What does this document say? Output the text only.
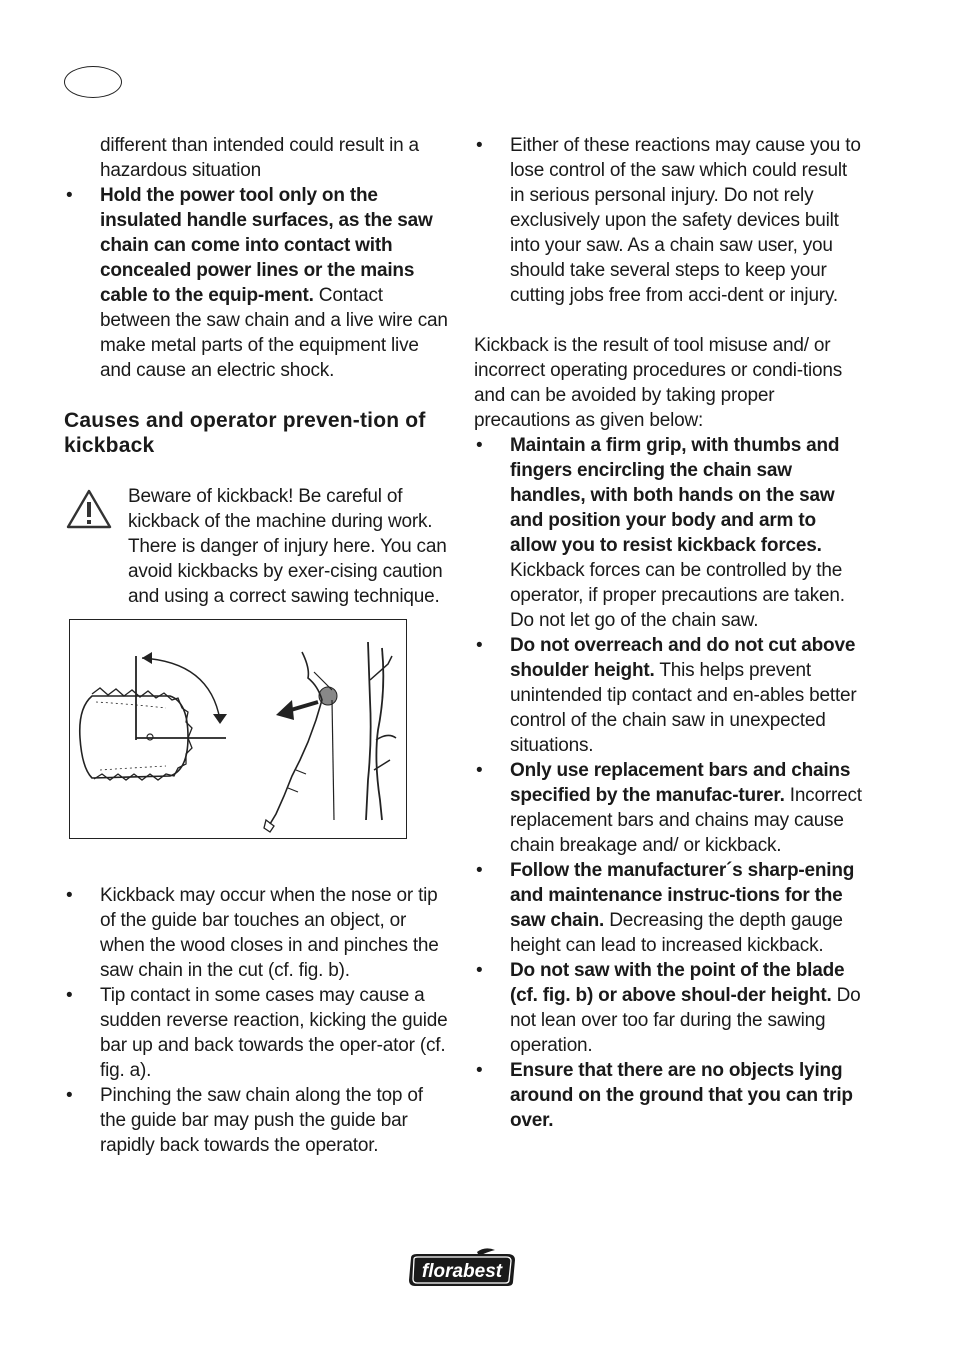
different than intended could result in a hazardous situation

• Hold the power tool only on the insulated handle surfaces, as the saw chain can come into contact with concealed power lines or the mains cable to the equip-ment. Contact between the saw chain and a live wire can make metal parts of the equipment live and cause an electric shock.

Causes and operator preven-tion of kickback

Beware of kickback! Be careful of kickback of the machine during work. There is danger of injury here. You can avoid kickbacks by exer-cising caution and using a correct sawing technique.

• Kickback may occur when the nose or tip of the guide bar touches an object, or when the wood closes in and pinches the saw chain in the cut (cf. fig. b).
• Tip contact in some cases may cause a sudden reverse reaction, kicking the guide bar up and back towards the oper-ator (cf. fig. a).
• Pinching the saw chain along the top of the guide bar may push the guide bar rapidly back towards the operator.
• Either of these reactions may cause you to lose control of the saw which could result in serious personal injury. Do not rely exclusively upon the safety devices built into your saw. As a chain saw user, you should take several steps to keep your cutting jobs free from acci-dent or injury.

Kickback is the result of tool misuse and/ or incorrect operating procedures or condi-tions and can be avoided by taking proper precautions as given below:

• Maintain a firm grip, with thumbs and fingers encircling the chain saw handles, with both hands on the saw and position your body and arm to allow you to resist kickback forces. Kickback forces can be controlled by the operator, if proper precautions are taken. Do not let go of the chain saw.
• Do not overreach and do not cut above shoulder height. This helps prevent unintended tip contact and en-ables better control of the chain saw in unexpected situations.
• Only use replacement bars and chains specified by the manufac-turer. Incorrect replacement bars and chains may cause chain breakage and/ or kickback.
• Follow the manufacturer´s sharp-ening and maintenance instruc-tions for the saw chain. Decreasing the depth gauge height can lead to increased kickback.
• Do not saw with the point of the blade (cf. fig. b) or above shoul-der height. Do not lean over too far during the sawing operation.
• Ensure that there are no objects lying around on the ground that you can trip over.
florabest
